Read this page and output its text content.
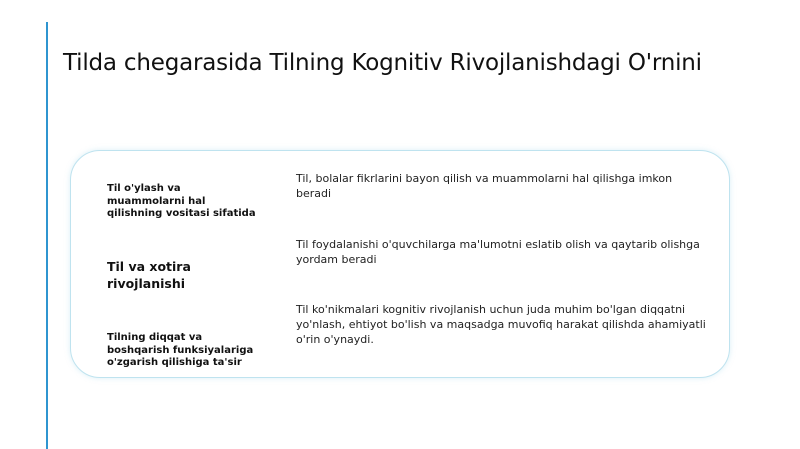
Tilda chegarasida Tilning Kognitiv Rivojlanishdagi O'rnini
Til o'ylash va muammolarni hal qilishning vositasi sifatida
Til, bolalar fikrlarini bayon qilish va muammolarni hal qilishga imkon beradi
Til va xotira rivojlanishi
Til foydalanishi o'quvchilarga ma'lumotni eslatib olish va qaytarib olishga yordam beradi
Tilning diqqat va boshqarish funksiyalariga o'zgarish qilishiga ta'sir
Til ko'nikmalari kognitiv rivojlanish uchun juda muhim bo'lgan diqqatni yo'nlash, ehtiyot bo'lish va maqsadga muvofiq harakat qilishda ahamiyatli o'rin o'ynaydi.
